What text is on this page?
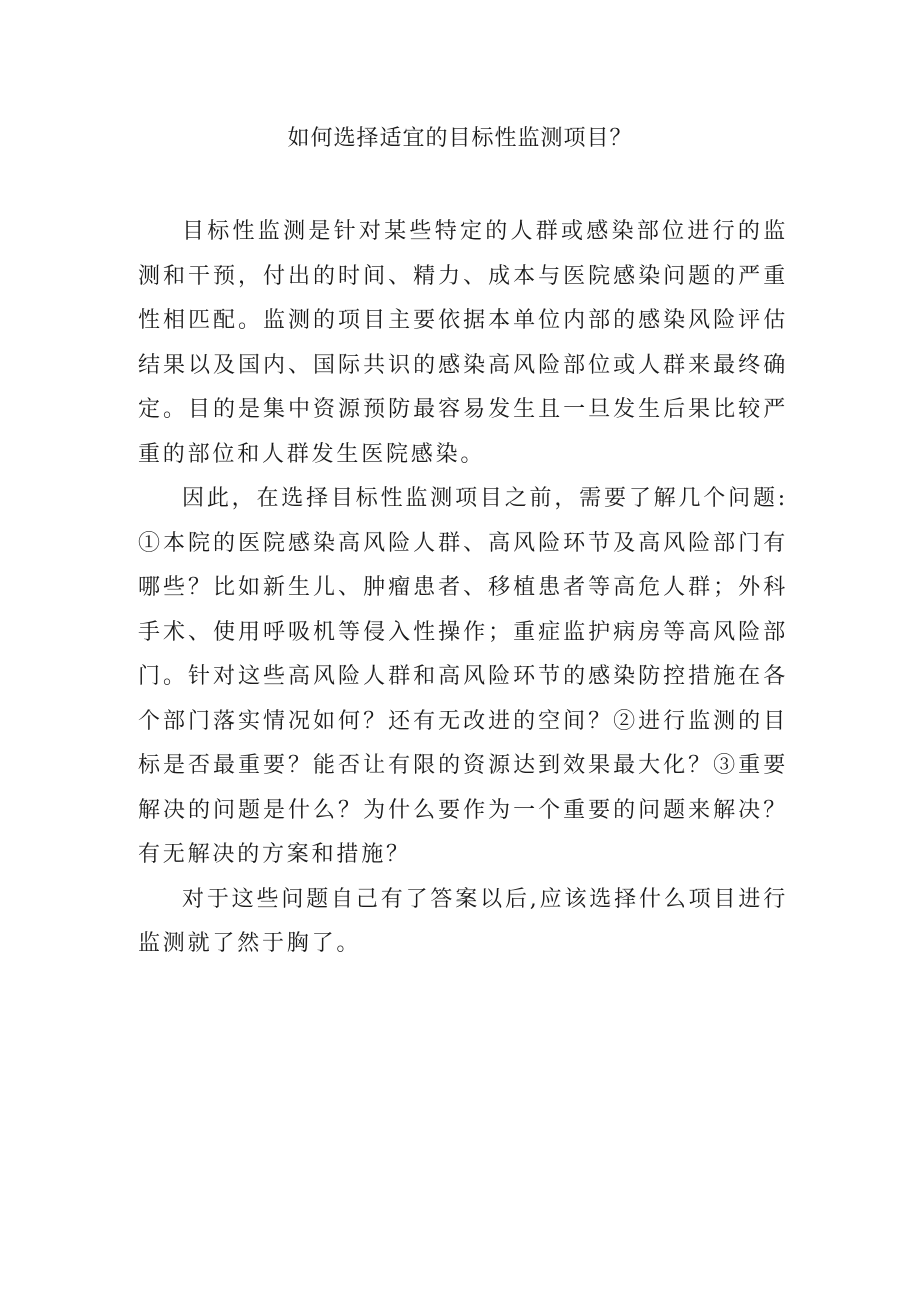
如何选择适宜的目标性监测项目？

目标性监测是针对某些特定的人群或感染部位进行的监测和干预，付出的时间、精力、成本与医院感染问题的严重性相匹配。监测的项目主要依据本单位内部的感染风险评估结果以及国内、国际共识的感染高风险部位或人群来最终确定。目的是集中资源预防最容易发生且一旦发生后果比较严重的部位和人群发生医院感染。

因此，在选择目标性监测项目之前，需要了解几个问题:①本院的医院感染高风险人群、高风险环节及高风险部门有哪些？比如新生儿、肿瘤患者、移植患者等高危人群；外科手术、使用呼吸机等侵入性操作；重症监护病房等高风险部门。针对这些高风险人群和高风险环节的感染防控措施在各个部门落实情况如何？还有无改进的空间？②进行监测的目标是否最重要？能否让有限的资源达到效果最大化？③重要解决的问题是什么？为什么要作为一个重要的问题来解决？有无解决的方案和措施？

对于这些问题自己有了答案以后,应该选择什么项目进行监测就了然于胸了。
